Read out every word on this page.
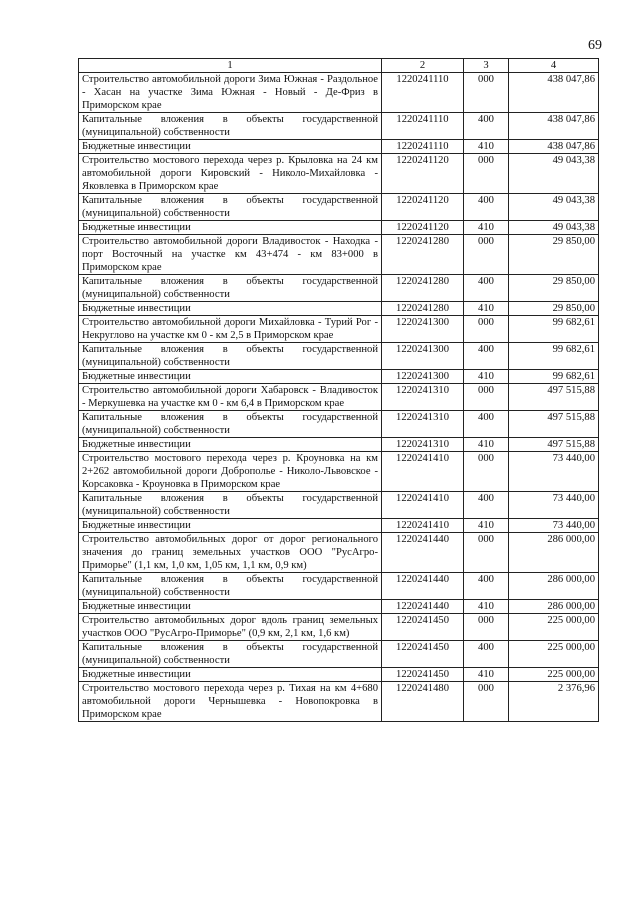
69
1	2	3	4
Строительство автомобильной дороги Зима Южная - Раздольное - Хасан на участке Зима Южная - Новый - Де-Фриз в Приморском крае	1220241110	000	438 047,86
Капитальные вложения в объекты государственной (муниципальной) собственности	1220241110	400	438 047,86
Бюджетные инвестиции	1220241110	410	438 047,86
Строительство мостового перехода через р. Крыловка на 24 км автомобильной дороги Кировский - Николо-Михайловка - Яковлевка в Приморском крае	1220241120	000	49 043,38
Капитальные вложения в объекты государственной (муниципальной) собственности	1220241120	400	49 043,38
Бюджетные инвестиции	1220241120	410	49 043,38
Строительство автомобильной дороги Владивосток - Находка - порт Восточный на участке км 43+474 - км 83+000 в Приморском крае	1220241280	000	29 850,00
Капитальные вложения в объекты государственной (муниципальной) собственности	1220241280	400	29 850,00
Бюджетные инвестиции	1220241280	410	29 850,00
Строительство автомобильной дороги Михайловка - Турий Рог - Некруглово на участке км 0 - км 2,5 в Приморском крае	1220241300	000	99 682,61
Капитальные вложения в объекты государственной (муниципальной) собственности	1220241300	400	99 682,61
Бюджетные инвестиции	1220241300	410	99 682,61
Строительство автомобильной дороги Хабаровск - Владивосток - Меркушевка на участке км 0 - км 6,4 в Приморском крае	1220241310	000	497 515,88
Капитальные вложения в объекты государственной (муниципальной) собственности	1220241310	400	497 515,88
Бюджетные инвестиции	1220241310	410	497 515,88
Строительство мостового перехода через р. Кроуновка на км 2+262 автомобильной дороги Доброполье - Николо-Львовское - Корсаковка - Кроуновка в Приморском крае	1220241410	000	73 440,00
Капитальные вложения в объекты государственной (муниципальной) собственности	1220241410	400	73 440,00
Бюджетные инвестиции	1220241410	410	73 440,00
Строительство автомобильных дорог от дорог регионального значения до границ земельных участков ООО "РусАгро-Приморье" (1,1 км, 1,0 км, 1,05 км, 1,1 км, 0,9 км)	1220241440	000	286 000,00
Капитальные вложения в объекты государственной (муниципальной) собственности	1220241440	400	286 000,00
Бюджетные инвестиции	1220241440	410	286 000,00
Строительство автомобильных дорог вдоль границ земельных участков ООО "РусАгро-Приморье" (0,9 км, 2,1 км, 1,6 км)	1220241450	000	225 000,00
Капитальные вложения в объекты государственной (муниципальной) собственности	1220241450	400	225 000,00
Бюджетные инвестиции	1220241450	410	225 000,00
Строительство мостового перехода через р. Тихая на км 4+680 автомобильной дороги Чернышевка - Новопокровка в Приморском крае	1220241480	000	2 376,96
